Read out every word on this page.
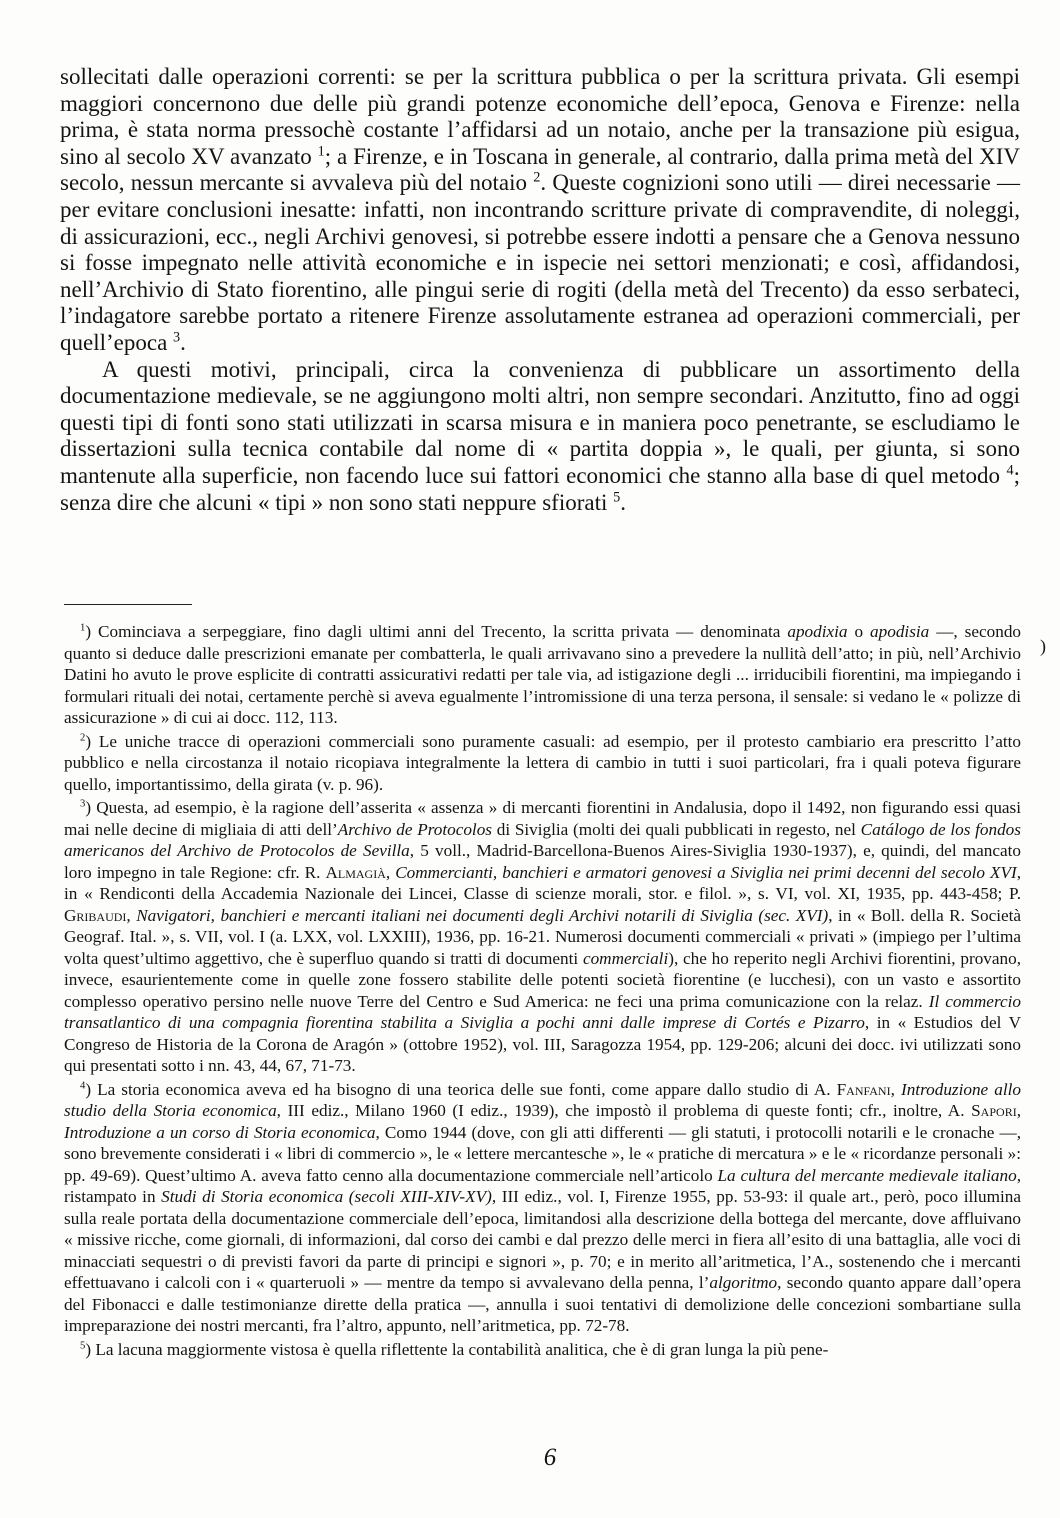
sollecitati dalle operazioni correnti: se per la scrittura pubblica o per la scrittura privata. Gli esempi maggiori concernono due delle più grandi potenze economiche dell’epoca, Genova e Firenze: nella prima, è stata norma pressochè costante l’affidarsi ad un notaio, anche per la transazione più esigua, sino al secolo XV avanzato $^1$; a Firenze, e in Toscana in generale, al contrario, dalla prima metà del XIV secolo, nessun mercante si avvaleva più del notaio $^2$. Queste cognizioni sono utili — direi necessarie — per evitare conclusioni inesatte: infatti, non incontrando scritture private di compravendite, di noleggi, di assicurazioni, ecc., negli Archivi genovesi, si potrebbe essere indotti a pensare che a Genova nessuno si fosse impegnato nelle attività economiche e in ispecie nei settori menzionati; e così, affidandosi, nell’Archivio di Stato fiorentino, alle pingui serie di rogiti (della metà del Trecento) da esso serbateci, l’indagatore sarebbe portato a ritenere Firenze assolutamente estranea ad operazioni commerciali, per quell’epoca $^3$.

A questi motivi, principali, circa la convenienza di pubblicare un assortimento della documentazione medievale, se ne aggiungono molti altri, non sempre secondari. Anzitutto, fino ad oggi questi tipi di fonti sono stati utilizzati in scarsa misura e in maniera poco penetrante, se escludiamo le dissertazioni sulla tecnica contabile dal nome di « partita doppia », le quali, per giunta, si sono mantenute alla superficie, non facendo luce sui fattori economici che stanno alla base di quel metodo $^4$; senza dire che alcuni « tipi » non sono stati neppure sfiorati $^5$.

$^1$) Cominciava a serpeggiare, fino dagli ultimi anni del Trecento, la scritta privata — denominata apodixia o apodisia —, secondo quanto si deduce dalle prescrizioni emanate per combatterla, le quali arrivavano sino a prevedere la nullità dell’atto; in più, nell’Archivio Datini ho avuto le prove esplicite di contratti assicurativi redatti per tale via, ad istigazione degli ... irriducibili fiorentini, ma impiegando i formulari rituali dei notai, certamente perchè si aveva egualmente l’intromissione di una terza persona, il sensale: si vedano le « polizze di assicurazione » di cui ai docc. 112, 113.

$^2$) Le uniche tracce di operazioni commerciali sono puramente casuali: ad esempio, per il protesto cambiario era prescritto l’atto pubblico e nella circostanza il notaio ricopiava integralmente la lettera di cambio in tutti i suoi particolari, fra i quali poteva figurare quello, importantissimo, della girata (v. p. 96).

$^3$) Questa, ad esempio, è la ragione dell’asserita « assenza » di mercanti fiorentini in Andalusia, dopo il 1492, non figurando essi quasi mai nelle decine di migliaia di atti dell’Archivo de Protocolos di Siviglia (molti dei quali pubblicati in regesto, nel Catálogo de los fondos americanos del Archivo de Protocolos de Sevilla, 5 voll., Madrid-Barcellona-Buenos Aires-Siviglia 1930-1937), e, quindi, del mancato loro impegno in tale Regione: cfr. R. Almagià, Commercianti, banchieri e armatori genovesi a Siviglia nei primi decenni del secolo XVI, in « Rendiconti della Accademia Nazionale dei Lincei, Classe di scienze morali, stor. e filol. », s. VI, vol. XI, 1935, pp. 443-458; P. Gribaudi, Navigatori, banchieri e mercanti italiani nei documenti degli Archivi notarili di Siviglia (sec. XVI), in « Boll. della R. Società Geograf. Ital. », s. VII, vol. I (a. LXX, vol. LXXIII), 1936, pp. 16-21. Numerosi documenti commerciali « privati » (impiego per l’ultima volta quest’ultimo aggettivo, che è superfluo quando si tratti di documenti commerciali), che ho reperito negli Archivi fiorentini, provano, invece, esaurientemente come in quelle zone fossero stabilite delle potenti società fiorentine (e lucchesi), con un vasto e assortito complesso operativo persino nelle nuove Terre del Centro e Sud America: ne feci una prima comunicazione con la relaz. Il commercio transatlantico di una compagnia fiorentina stabilita a Siviglia a pochi anni dalle imprese di Cortés e Pizarro, in « Estudios del V Congreso de Historia de la Corona de Aragón » (ottobre 1952), vol. III, Saragozza 1954, pp. 129-206; alcuni dei docc. ivi utilizzati sono qui presentati sotto i nn. 43, 44, 67, 71-73.

$^4$) La storia economica aveva ed ha bisogno di una teorica delle sue fonti, come appare dallo studio di A. Fanfani, Introduzione allo studio della Storia economica, III ediz., Milano 1960 (I ediz., 1939), che impostò il problema di queste fonti; cfr., inoltre, A. Sapori, Introduzione a un corso di Storia economica, Como 1944 (dove, con gli atti differenti — gli statuti, i protocolli notarili e le cronache —, sono brevemente considerati i « libri di commercio », le « lettere mercantesche », le « pratiche di mercatura » e le « ricordanze personali »: pp. 49-69). Quest’ultimo A. aveva fatto cenno alla documentazione commerciale nell’articolo La cultura del mercante medievale italiano, ristampato in Studi di Storia economica (secoli XIII-XIV-XV), III ediz., vol. I, Firenze 1955, pp. 53-93: il quale art., però, poco illumina sulla reale portata della documentazione commerciale dell’epoca, limitandosi alla descrizione della bottega del mercante, dove affluivano « missive ricche, come giornali, di informazioni, dal corso dei cambi e dal prezzo delle merci in fiera all’esito di una battaglia, alle voci di minacciati sequestri o di previsti favori da parte di principi e signori », p. 70; e in merito all’aritmetica, l’A., sostenendo che i mercanti effettuavano i calcoli con i « quarteruoli » — mentre da tempo si avvalevano della penna, l’algoritmo, secondo quanto appare dall’opera del Fibonacci e dalle testimonianze dirette della pratica —, annulla i suoi tentativi di demolizione delle concezioni sombartiane sulla impreparazione dei nostri mercanti, fra l’altro, appunto, nell’aritmetica, pp. 72-78.

$^5$) La lacuna maggiormente vistosa è quella riflettente la contabilità analitica, che è di gran lunga la più pene-

)
6
